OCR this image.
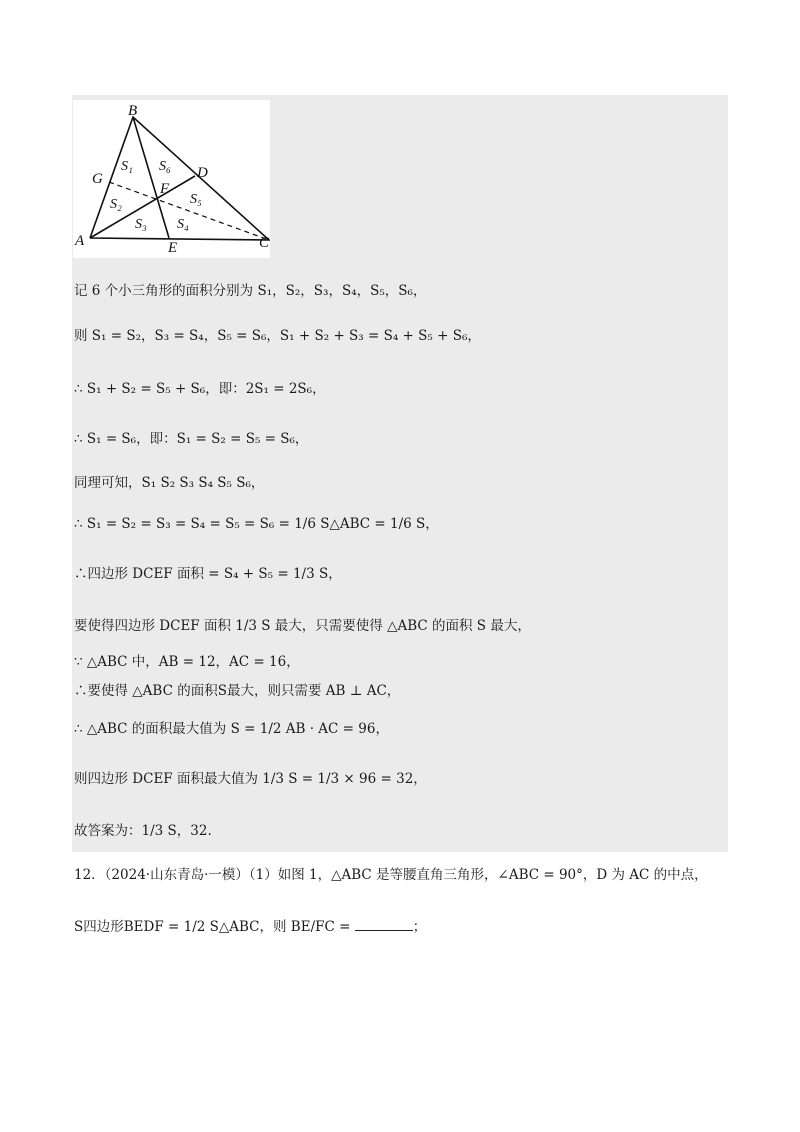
B
G	D
F
A	E	C
S₁ S₆
S₂	S₅
S₃ S₄
记 6 个小三角形的面积分别为 S₁，S₂，S₃，S₄，S₅，S₆，
则 S₁ = S₂，S₃ = S₄，S₅ = S₆，S₁ + S₂ + S₃ = S₄ + S₅ + S₆，
∴ S₁ + S₂ = S₅ + S₆，即：2S₁ = 2S₆，
∴ S₁ = S₆，即：S₁ = S₂ = S₅ = S₆，
同理可知，S₁ S₂ S₃ S₄ S₅ S₆，
∴ S₁ = S₂ = S₃ = S₄ = S₅ = S₆ = 1/6 S△ABC = 1/6 S，
∴四边形 DCEF 面积 = S₄ + S₅ = 1/3 S，
要使得四边形 DCEF 面积 1/3 S 最大，只需要使得 △ABC 的面积 S 最大，
∵ △ABC 中，AB = 12，AC = 16，
∴要使得 △ABC 的面积S最大，则只需要 AB ⊥ AC，
∴ △ABC 的面积最大值为 S = 1/2 AB · AC = 96，
则四边形 DCEF 面积最大值为 1/3 S = 1/3 × 96 = 32，
故答案为：1/3 S，32.
12．（2024·山东青岛·一模）（1）如图 1，△ABC 是等腰直角三角形，∠ABC = 90°，D 为 AC 的中点，
S四边形BEDF = 1/2 S△ABC，则 BE/FC =	；
